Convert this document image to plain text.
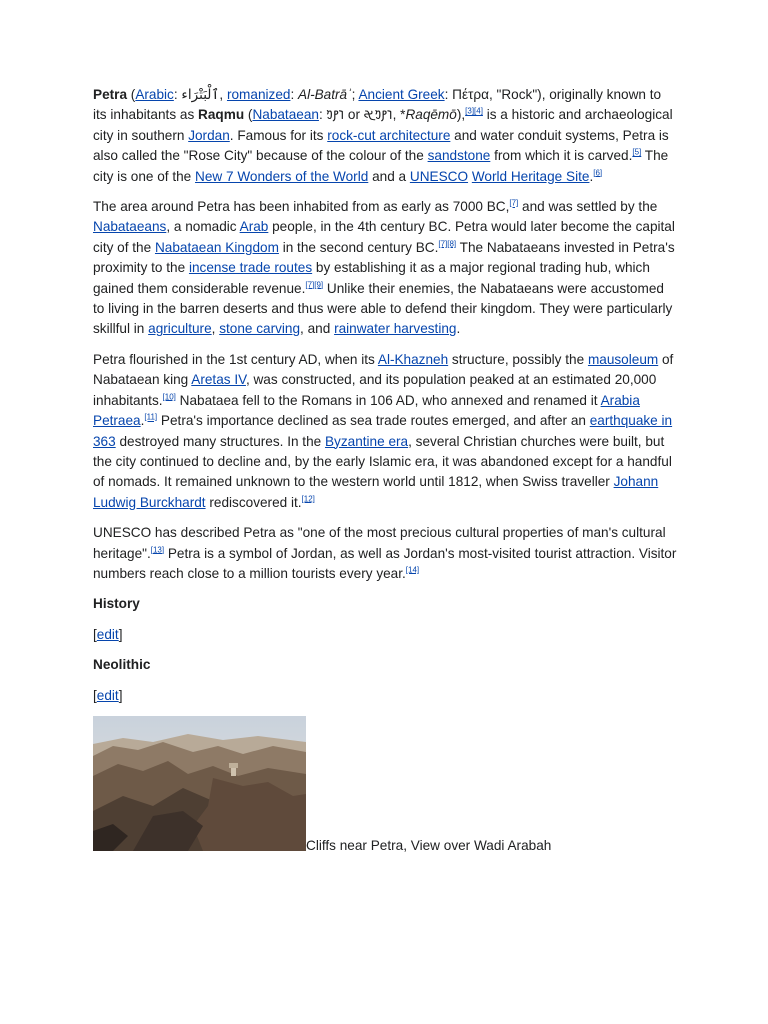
Petra (Arabic: ٱلْبَتْرَاء, romanized: Al-Batrāʾ; Ancient Greek: Πέτρα, "Rock"), originally known to its inhabitants as Raqmu (Nabataean: 𐢛𐢚𐢓 or 𐢛𐢚𐢓𐢀, *Raqēmō),[3][4] is a historic and archaeological city in southern Jordan. Famous for its rock-cut architecture and water conduit systems, Petra is also called the "Rose City" because of the colour of the sandstone from which it is carved.[5] The city is one of the New 7 Wonders of the World and a UNESCO World Heritage Site.[6]

The area around Petra has been inhabited from as early as 7000 BC,[7] and was settled by the Nabataeans, a nomadic Arab people, in the 4th century BC. Petra would later become the capital city of the Nabataean Kingdom in the second century BC.[7][8] The Nabataeans invested in Petra's proximity to the incense trade routes by establishing it as a major regional trading hub, which gained them considerable revenue.[7][9] Unlike their enemies, the Nabataeans were accustomed to living in the barren deserts and thus were able to defend their kingdom. They were particularly skillful in agriculture, stone carving, and rainwater harvesting.

Petra flourished in the 1st century AD, when its Al-Khazneh structure, possibly the mausoleum of Nabataean king Aretas IV, was constructed, and its population peaked at an estimated 20,000 inhabitants.[10] Nabataea fell to the Romans in 106 AD, who annexed and renamed it Arabia Petraea.[11] Petra's importance declined as sea trade routes emerged, and after an earthquake in 363 destroyed many structures. In the Byzantine era, several Christian churches were built, but the city continued to decline and, by the early Islamic era, it was abandoned except for a handful of nomads. It remained unknown to the western world until 1812, when Swiss traveller Johann Ludwig Burckhardt rediscovered it.[12]

UNESCO has described Petra as "one of the most precious cultural properties of man's cultural heritage".[13] Petra is a symbol of Jordan, as well as Jordan's most-visited tourist attraction. Visitor numbers reach close to a million tourists every year.[14]

History

[edit]

Neolithic

[edit]

Cliffs near Petra, View over Wadi Arabah
